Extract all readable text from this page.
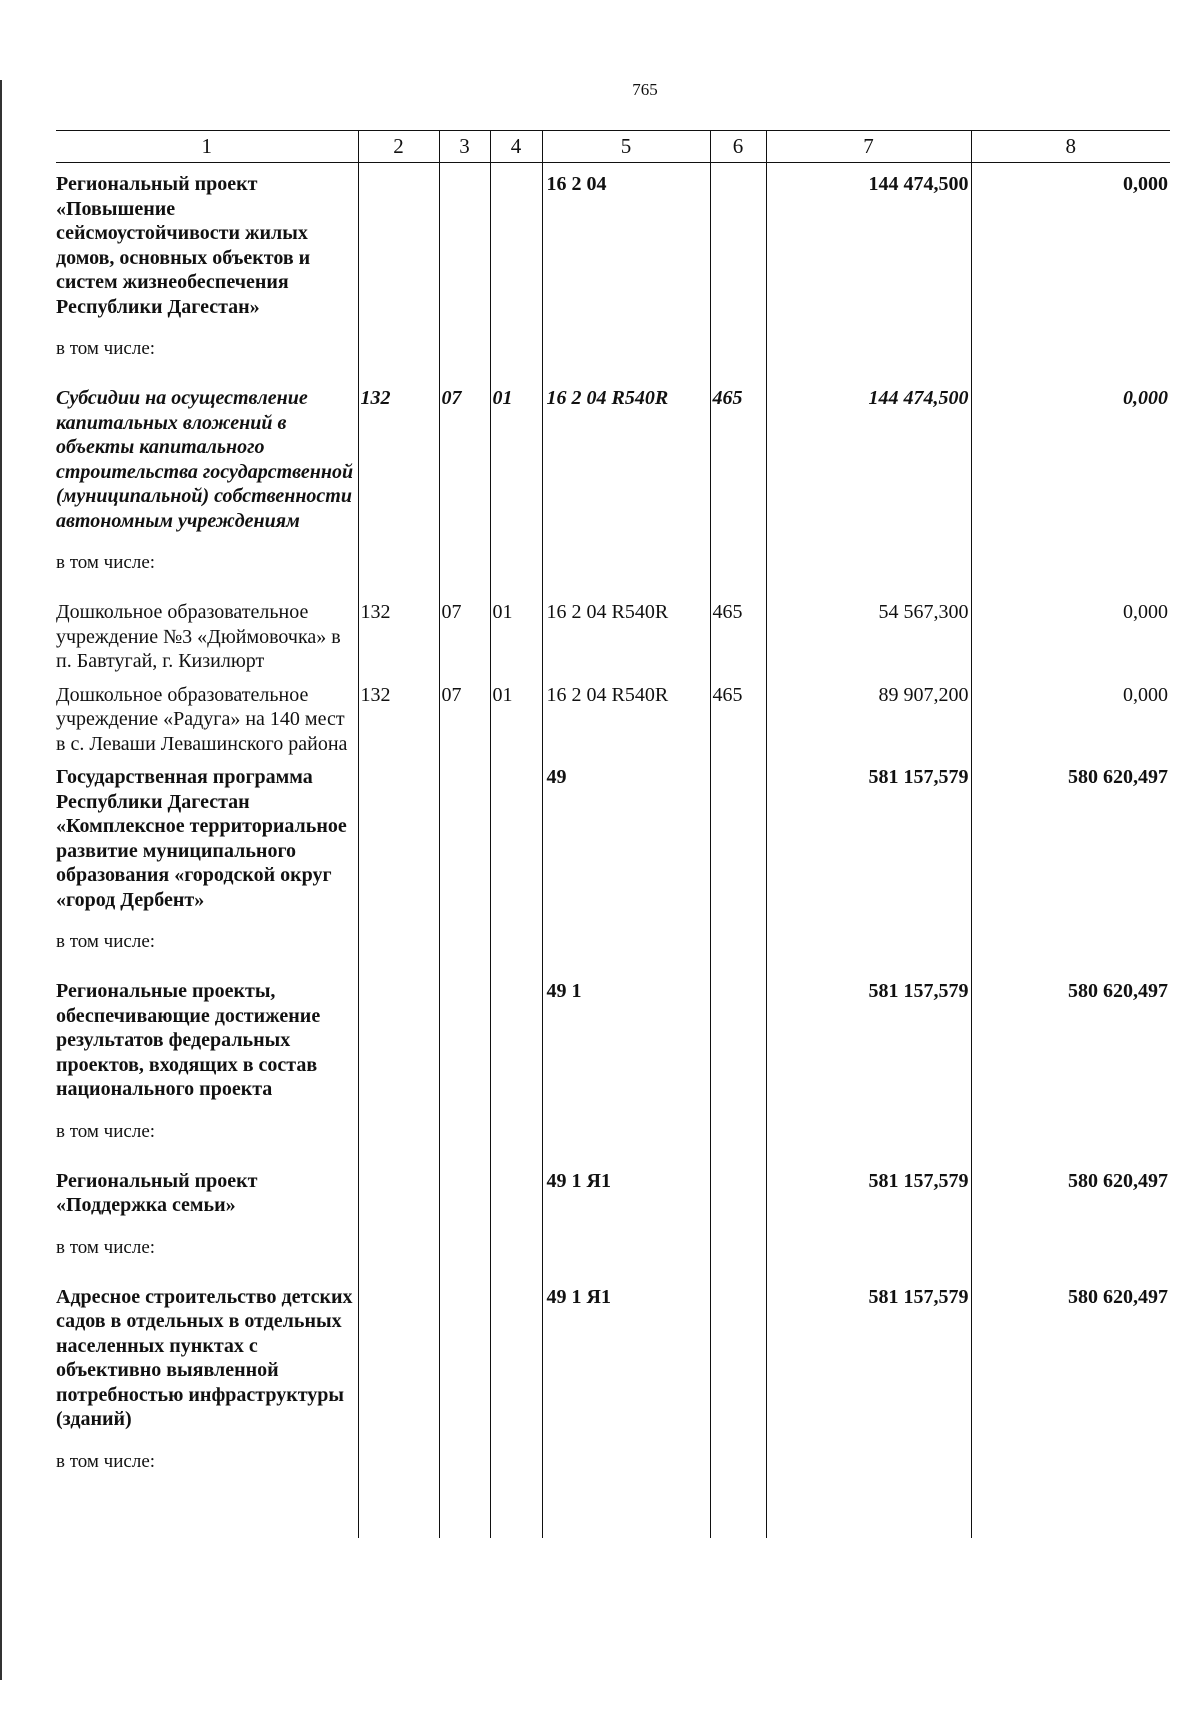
765
1	2	3	4	5	6	7	8
Региональный проект «Повышение сейсмоустойчивости жилых домов, основных объектов и систем жизнеобеспечения Республики Дагестан»				16 2 04		144 474,500	0,000
в том числе:							
Субсидии на осуществление капитальных вложений в объекты капитального строительства государственной (муниципальной) собственности автономным учреждениям	132	07	01	16 2 04 R540R	465	144 474,500	0,000
в том числе:							
Дошкольное образовательное учреждение №3 «Дюймовочка» в п. Бавтугай, г. Кизилюрт	132	07	01	16 2 04 R540R	465	54 567,300	0,000
Дошкольное образовательное учреждение «Радуга» на 140 мест в с. Леваши Левашинского района	132	07	01	16 2 04 R540R	465	89 907,200	0,000
Государственная программа Республики Дагестан «Комплексное территориальное развитие муниципального образования «городской округ «город Дербент»				49		581 157,579	580 620,497
в том числе:							
Региональные проекты, обеспечивающие достижение результатов федеральных проектов, входящих в состав национального проекта				49 1		581 157,579	580 620,497
в том числе:							
Региональный проект «Поддержка семьи»				49 1 Я1		581 157,579	580 620,497
в том числе:							
Адресное строительство детских садов в отдельных в отдельных населенных пунктах с объективно выявленной потребностью инфраструктуры (зданий)				49 1 Я1		581 157,579	580 620,497
в том числе:							
